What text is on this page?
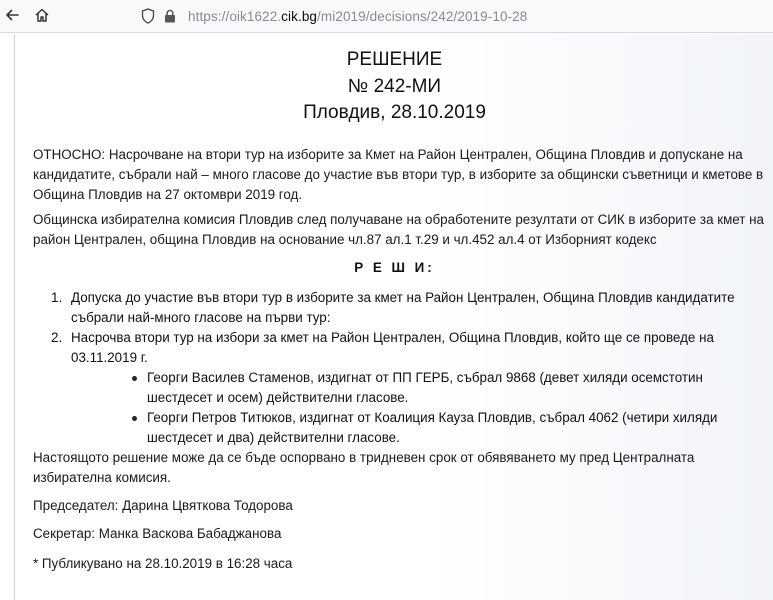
https://oik1622.cik.bg/mi2019/decisions/242/2019-10-28
РЕШЕНИЕ
№ 242-МИ
Пловдив, 28.10.2019
ОТНОСНО: Насрочване на втори тур на изборите за Кмет на Район Централен, Община Пловдив и допускане на кандидатите, събрали най – много гласове до участие във втори тур, в изборите за общински съветници и кметове в Община Пловдив на 27 октомври 2019 год.
Общинска избирателна комисия Пловдив след получаване на обработените резултати от СИК в изборите за кмет на район Централен, община Пловдив на основание чл.87 ал.1 т.29 и чл.452 ал.4 от Изборният кодекс
Р Е Ш И:
1. Допуска до участие във втори тур в изборите за кмет на Район Централен, Община Пловдив кандидатите събрали най-много гласове на първи тур:
2. Насрочва втори тур на избори за кмет на Район Централен, Община Пловдив, който ще се проведе на 03.11.2019 г.
Георги Василев Стаменов, издигнат от ПП ГЕРБ, събрал 9868 (девет хиляди осемстотин шестдесет и осем) действителни гласове.
Георги Петров Титюков, издигнат от Коалиция Кауза Пловдив, събрал 4062 (четири хиляди шестдесет и два) действителни гласове.
Настоящото решение може да се бъде оспорвано в тридневен срок от обявяването му пред Централната избирателна комисия.
Председател: Дарина Цвяткова Тодорова
Секретар: Манка Васкова Бабаджанова
* Публикувано на 28.10.2019 в 16:28 часа
